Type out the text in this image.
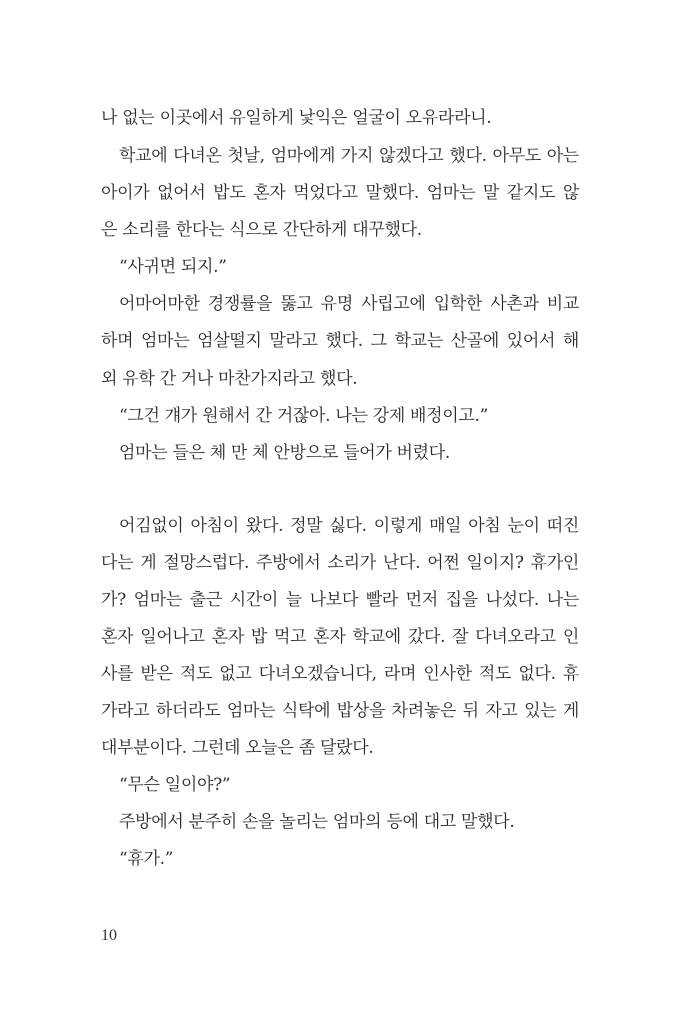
나 없는 이곳에서 유일하게 낯익은 얼굴이 오유라라니.
학교에 다녀온 첫날, 엄마에게 가지 않겠다고 했다. 아무도 아는
아이가 없어서 밥도 혼자 먹었다고 말했다. 엄마는 말 같지도 않
은 소리를 한다는 식으로 간단하게 대꾸했다.
“사귀면 되지.”
어마어마한 경쟁률을 뚫고 유명 사립고에 입학한 사촌과 비교
하며 엄마는 엄살떨지 말라고 했다. 그 학교는 산골에 있어서 해
외 유학 간 거나 마찬가지라고 했다.
“그건 걔가 원해서 간 거잖아. 나는 강제 배정이고.”
엄마는 들은 체 만 체 안방으로 들어가 버렸다.
어김없이 아침이 왔다. 정말 싫다. 이렇게 매일 아침 눈이 떠진
다는 게 절망스럽다. 주방에서 소리가 난다. 어쩐 일이지? 휴가인
가? 엄마는 출근 시간이 늘 나보다 빨라 먼저 집을 나섰다. 나는
혼자 일어나고 혼자 밥 먹고 혼자 학교에 갔다. 잘 다녀오라고 인
사를 받은 적도 없고 다녀오겠습니다, 라며 인사한 적도 없다. 휴
가라고 하더라도 엄마는 식탁에 밥상을 차려놓은 뒤 자고 있는 게
대부분이다. 그런데 오늘은 좀 달랐다.
“무슨 일이야?”
주방에서 분주히 손을 놀리는 엄마의 등에 대고 말했다.
“휴가.”
10
